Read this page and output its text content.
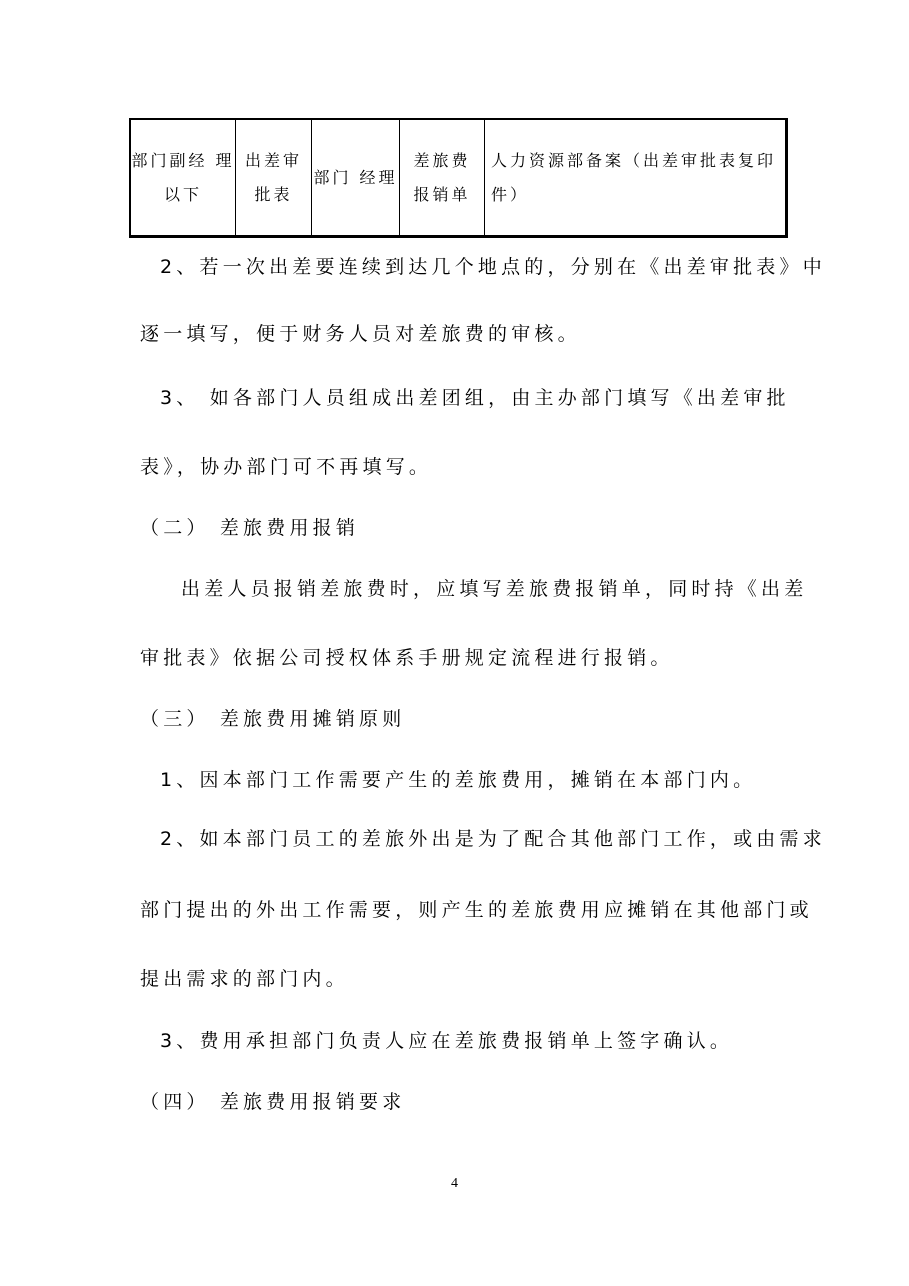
部门副经 理以下
出差审 批表
部门 经理
差旅费 报销单
人力资源部备案（出差审批表复印 件）
2、若一次出差要连续到达几个地点的，分别在《出差审批表》中
逐一填写，便于财务人员对差旅费的审核。
3、 如各部门人员组成出差团组，由主办部门填写《出差审批
表》，协办部门可不再填写。
（二） 差旅费用报销
出差人员报销差旅费时，应填写差旅费报销单，同时持《出差
审批表》依据公司授权体系手册规定流程进行报销。
（三） 差旅费用摊销原则
1、因本部门工作需要产生的差旅费用，摊销在本部门内。
2、如本部门员工的差旅外出是为了配合其他部门工作，或由需求
部门提出的外出工作需要，则产生的差旅费用应摊销在其他部门或
提出需求的部门内。
3、费用承担部门负责人应在差旅费报销单上签字确认。
（四） 差旅费用报销要求
4
